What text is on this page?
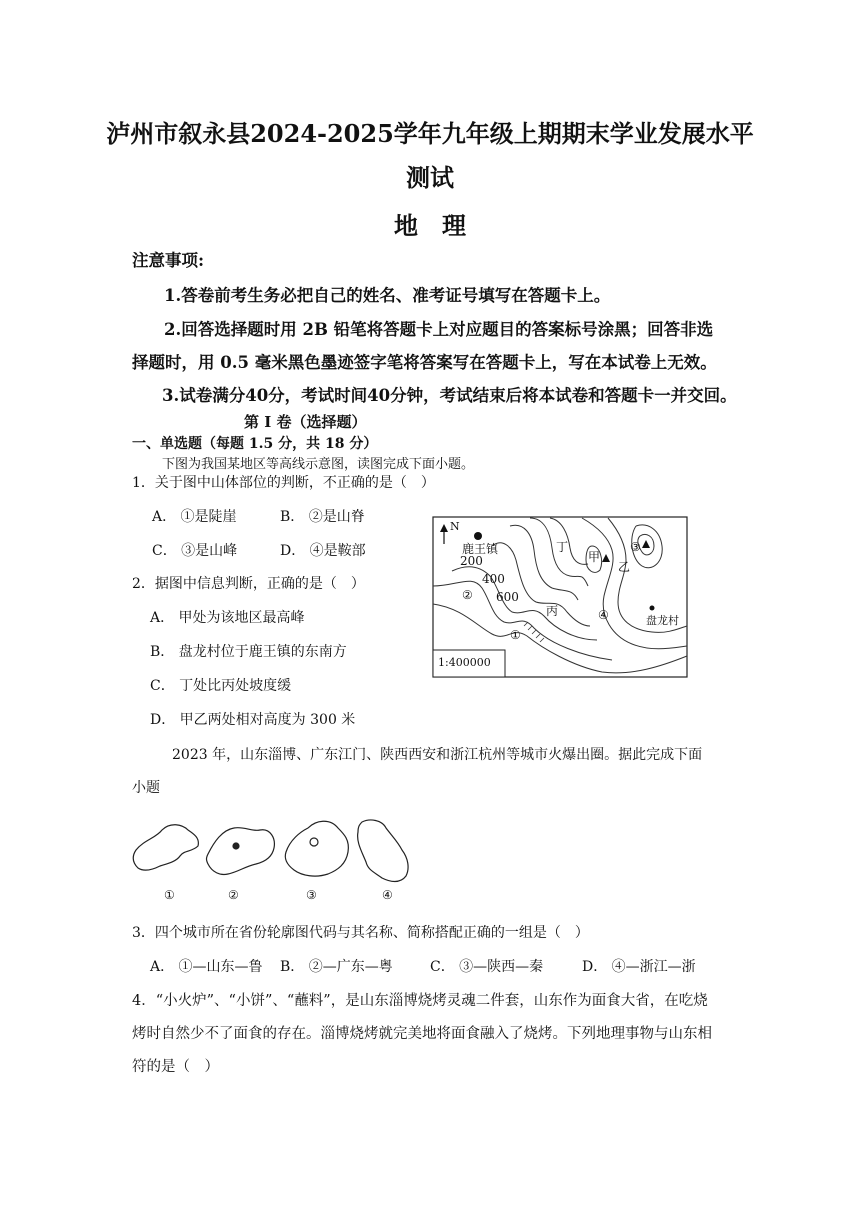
泸州市叙永县2024-2025学年九年级上期期末学业发展水平
测试
地　理
注意事项:
1.答卷前考生务必把自己的姓名、准考证号填写在答题卡上。
2.回答选择题时用 2B 铅笔将答题卡上对应题目的答案标号涂黑；回答非选
择题时，用 0.5 毫米黑色墨迹签字笔将答案写在答题卡上，写在本试卷上无效。
3.试卷满分40分，考试时间40分钟，考试结束后将本试卷和答题卡一并交回。
第 I 卷（选择题）
一、单选题（每题 1.5 分，共 18 分）
下图为我国某地区等高线示意图，读图完成下面小题。
1．关于图中山体部位的判断，不正确的是（　）
A． ①是陡崖	B． ②是山脊
C． ③是山峰	D． ④是鞍部
2．据图中信息判断，正确的是（　）
A． 甲处为该地区最高峰
B． 盘龙村位于鹿王镇的东南方
C． 丁处比丙处坡度缓
D． 甲乙两处相对高度为 300 米
N
鹿王镇
盘龙村
200
400
600
甲
乙
丙
丁
①
②
③
④
1:400000
2023 年，山东淄博、广东江门、陕西西安和浙江杭州等城市火爆出圈。据此完成下面
小题
①	②	③	④
3．四个城市所在省份轮廓图代码与其名称、简称搭配正确的一组是（　）
A． ①—山东—鲁 B． ②—广东—粤	C． ③—陕西—秦	D． ④—浙江—浙
4．“小火炉”、“小饼”、“蘸料”，是山东淄博烧烤灵魂二件套，山东作为面食大省，在吃烧
烤时自然少不了面食的存在。淄博烧烤就完美地将面食融入了烧烤。下列地理事物与山东相
符的是（　）
